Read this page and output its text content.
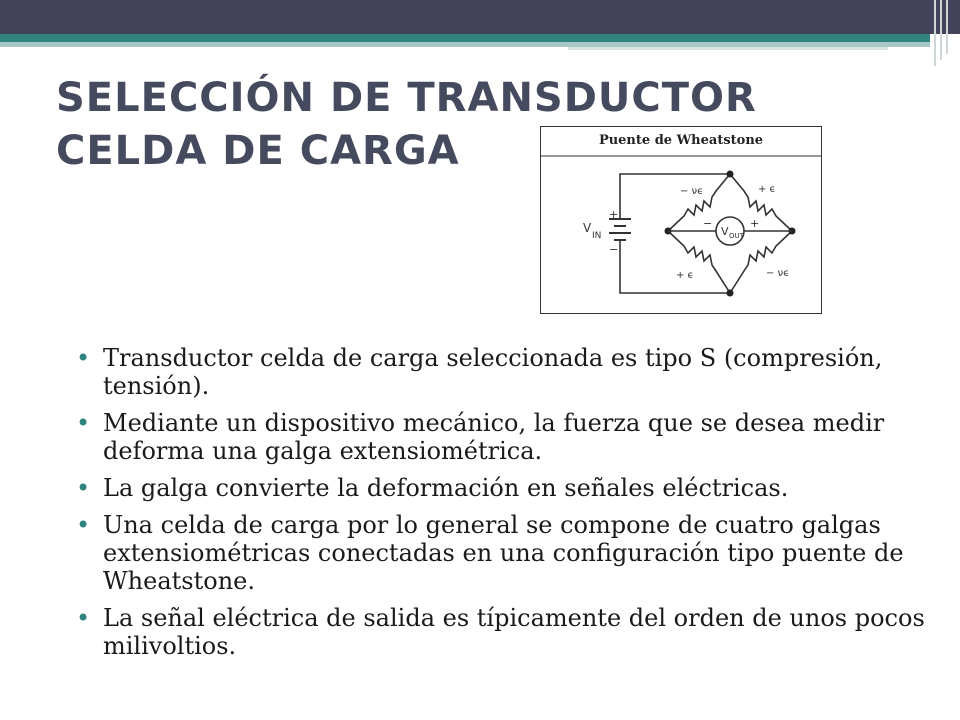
SELECCIÓN DE TRANSDUCTOR CELDA DE CARGA	Puente de Wheatstone
+
−
V
IN	V OUT
−	+
− νϵ	+ ϵ
+ ϵ	− νϵ
• Transductor celda de carga seleccionada es tipo S (compresión, tensión).
• Mediante un dispositivo mecánico, la fuerza que se desea medir deforma una galga extensiométrica.
• La galga convierte la deformación en señales eléctricas.
• Una celda de carga por lo general se compone de cuatro galgas extensiométricas conectadas en una configuración tipo puente de Wheatstone.
• La señal eléctrica de salida es típicamente del orden de unos pocos milivoltios.
